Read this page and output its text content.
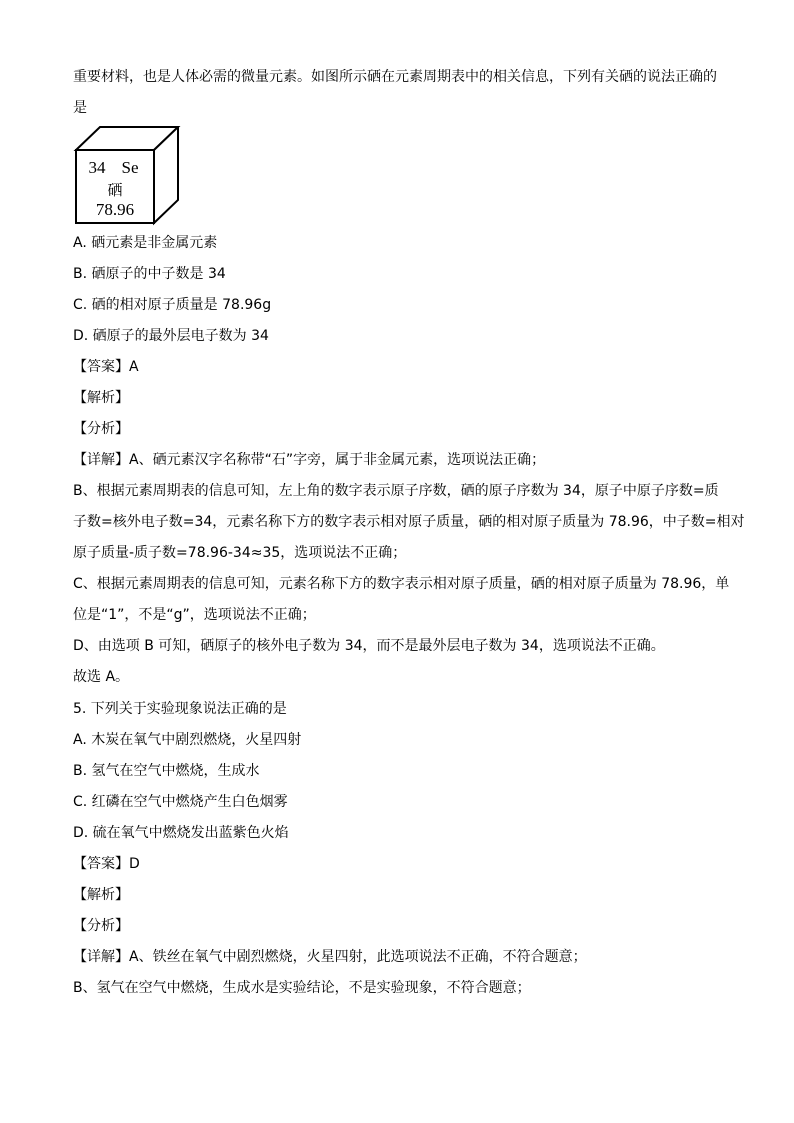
重要材料，也是人体必需的微量元素。如图所示硒在元素周期表中的相关信息，下列有关硒的说法正确的
是
34 Se
硒
78.96
A. 硒元素是非金属元素
B. 硒原子的中子数是 34
C. 硒的相对原子质量是 78.96g
D. 硒原子的最外层电子数为 34
【答案】A
【解析】
【分析】
【详解】A、硒元素汉字名称带“石”字旁，属于非金属元素，选项说法正确；
B、根据元素周期表的信息可知，左上角的数字表示原子序数，硒的原子序数为 34，原子中原子序数=质
子数=核外电子数=34，元素名称下方的数字表示相对原子质量，硒的相对原子质量为 78.96，中子数=相对
原子质量-质子数=78.96-34≈35，选项说法不正确；
C、根据元素周期表的信息可知，元素名称下方的数字表示相对原子质量，硒的相对原子质量为 78.96，单
位是“1”，不是“g”，选项说法不正确；
D、由选项 B 可知，硒原子的核外电子数为 34，而不是最外层电子数为 34，选项说法不正确。
故选 A。
5. 下列关于实验现象说法正确的是
A. 木炭在氧气中剧烈燃烧，火星四射
B. 氢气在空气中燃烧，生成水
C. 红磷在空气中燃烧产生白色烟雾
D. 硫在氧气中燃烧发出蓝紫色火焰
【答案】D
【解析】
【分析】
【详解】A、铁丝在氧气中剧烈燃烧，火星四射，此选项说法不正确，不符合题意；
B、氢气在空气中燃烧，生成水是实验结论，不是实验现象，不符合题意；
